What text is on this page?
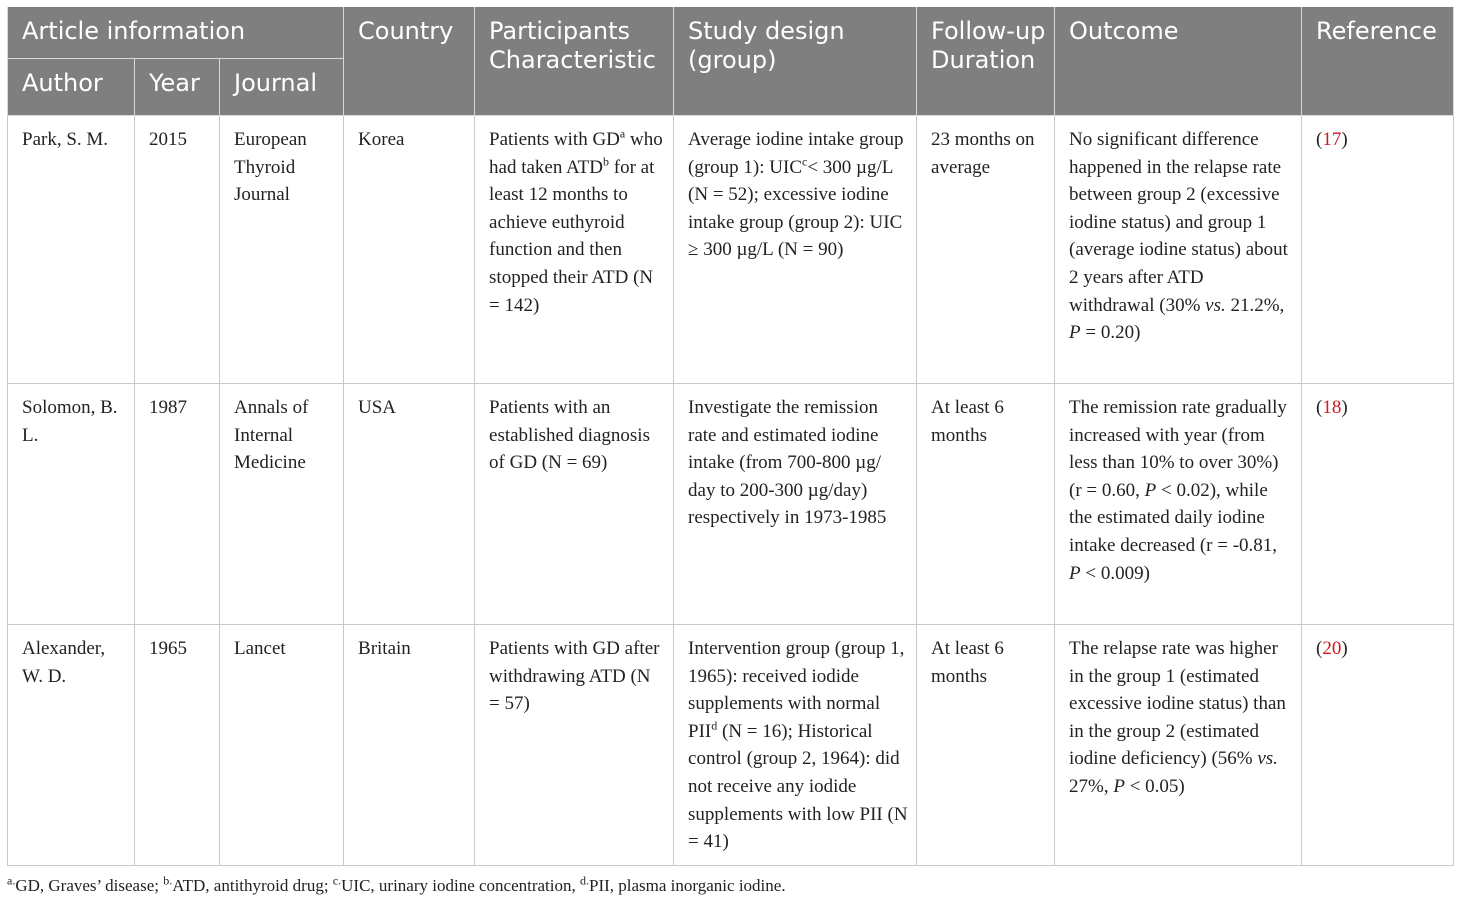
Article information			Country	Participants Characteristic	Study design (group)	Follow-up Duration	Outcome	Reference
Author	Year	Journal						
Park, S. M.	2015	European Thyroid Journal	Korea	Patients with $GD^a$ who had taken ATD$^b$ for at least 12 months to achieve euthyroid function and then stopped their ATD (N = 142)	Average iodine intake group (group 1): $UIC^c< 300$ µg/L (N = 52); excessive iodine intake group (group 2): UIC ≥ 300 µg/L (N = 90)	23 months on average	No significant difference happened in the relapse rate between group 2 (excessive iodine status) and group 1 (average iodine status) about 2 years after ATD withdrawal (30% vs. 21.2%, P = 0.20)	(17)
Solomon, B. L.	1987	Annals of Internal Medicine	USA	Patients with an established diagnosis of GD (N = 69)	Investigate the remission rate and estimated iodine intake (from 700-800 µg/ day to 200-300 µg/day) respectively in 1973-1985	At least 6 months	The remission rate gradually increased with year (from less than 10% to over 30%) (r = 0.60, P < 0.02), while the estimated daily iodine intake decreased (r = -0.81, P < 0.009)	(18)
Alexander, W. D.	1965	Lancet	Britain	Patients with GD after withdrawing ATD (N = 57)	Intervention group (group 1, 1965): received iodide supplements with normal PII$^d$ (N = 16); Historical control (group 2, 1964): did not receive any iodide supplements with low PII (N = 41)	At least 6 months	The relapse rate was higher in the group 1 (estimated excessive iodine status) than in the group 2 (estimated iodine deficiency) (56% vs. 27%, P < 0.05)	(20)
$^{a.}$GD, Graves’ disease; $^{b.}$ATD, antithyroid drug; $^{c.}$UIC, urinary iodine concentration, $^{d.}$PII, plasma inorganic iodine.
